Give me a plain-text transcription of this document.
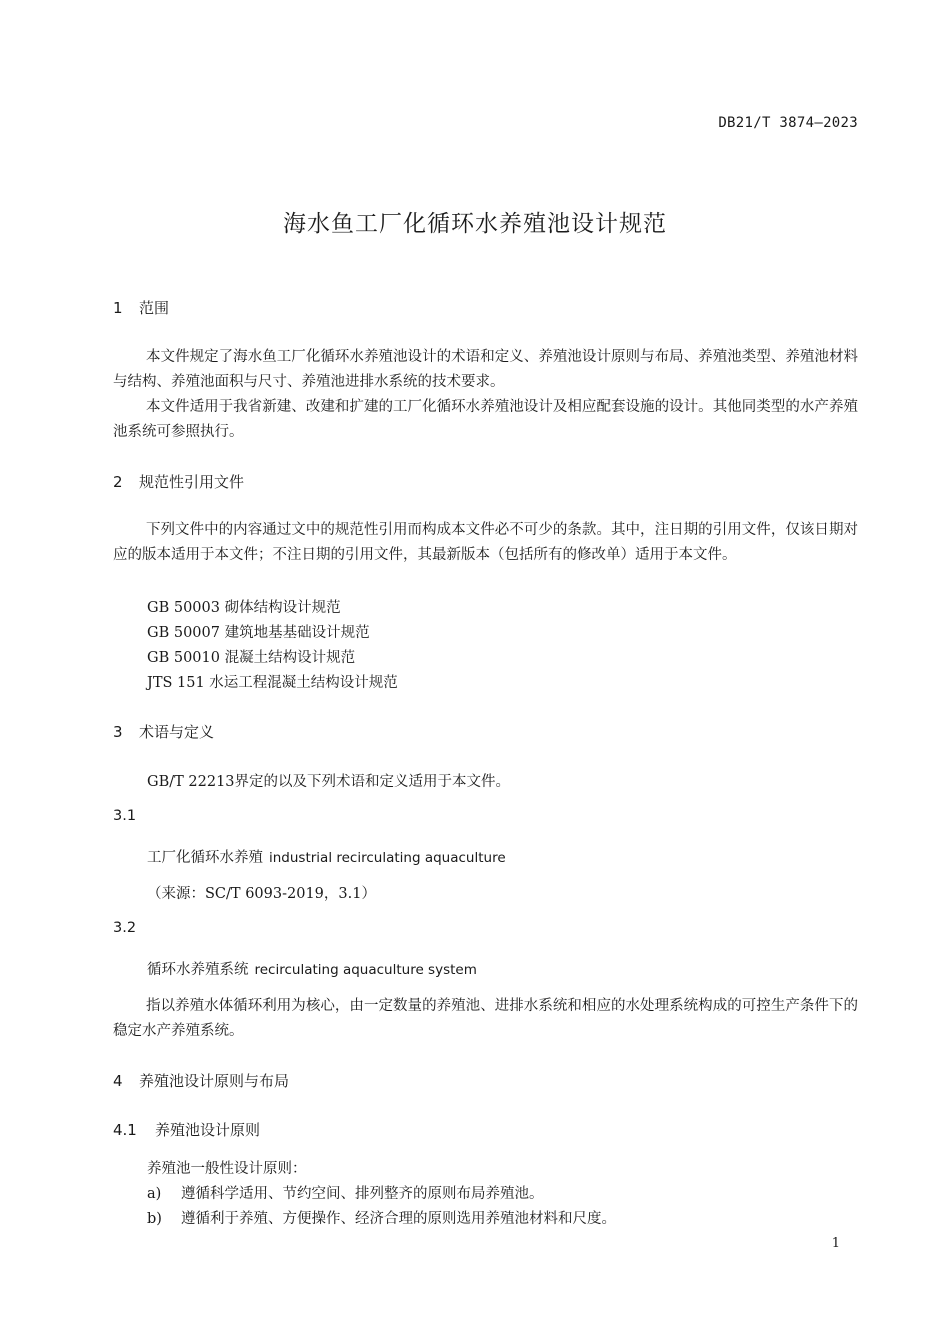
DB21/T 3874—2023
海水鱼工厂化循环水养殖池设计规范
1 范围
本文件规定了海水鱼工厂化循环水养殖池设计的术语和定义、养殖池设计原则与布局、养殖池类型、养殖池材料与结构、养殖池面积与尺寸、养殖池进排水系统的技术要求。
本文件适用于我省新建、改建和扩建的工厂化循环水养殖池设计及相应配套设施的设计。其他同类型的水产养殖池系统可参照执行。
2 规范性引用文件
下列文件中的内容通过文中的规范性引用而构成本文件必不可少的条款。其中，注日期的引用文件，仅该日期对应的版本适用于本文件；不注日期的引用文件，其最新版本（包括所有的修改单）适用于本文件。
GB 50003 砌体结构设计规范
GB 50007 建筑地基基础设计规范
GB 50010 混凝土结构设计规范
JTS 151 水运工程混凝土结构设计规范
3 术语与定义
GB/T 22213界定的以及下列术语和定义适用于本文件。
3.1
工厂化循环水养殖 industrial recirculating aquaculture
（来源：SC/T 6093-2019，3.1）
3.2
循环水养殖系统 recirculating aquaculture system
指以养殖水体循环利用为核心，由一定数量的养殖池、进排水系统和相应的水处理系统构成的可控生产条件下的稳定水产养殖系统。
4 养殖池设计原则与布局
4.1 养殖池设计原则
养殖池一般性设计原则：
a) 遵循科学适用、节约空间、排列整齐的原则布局养殖池。
b) 遵循利于养殖、方便操作、经济合理的原则选用养殖池材料和尺度。
1
